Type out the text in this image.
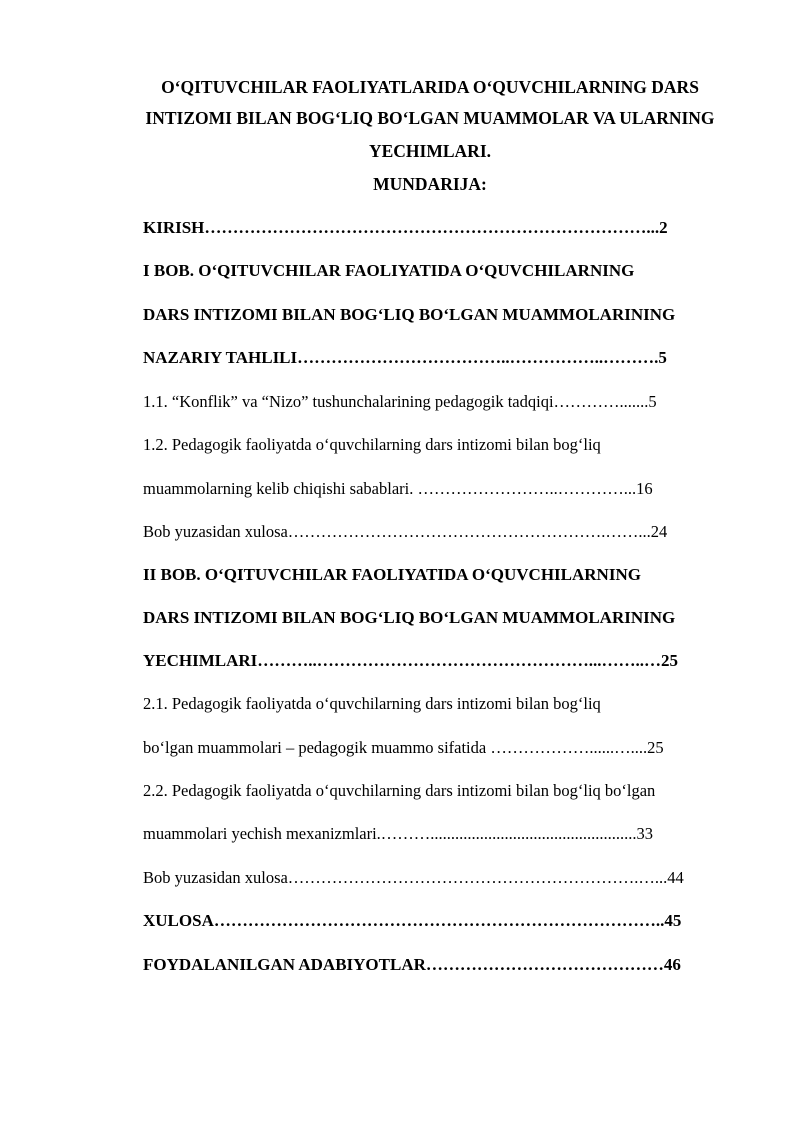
O‘QITUVCHILAR FAOLIYATLARIDA O‘QUVCHILARNING DARS
INTIZOMI BILAN BOG‘LIQ BO‘LGAN MUAMMOLAR VA ULARNING
YECHIMLARI.
MUNDARIJA:
KIRISH……………………………………………………………………...2
I BOB. O‘QITUVCHILAR FAOLIYATIDA O‘QUVCHILARNING
DARS INTIZOMI BILAN BOG‘LIQ BO‘LGAN MUAMMOLARINING
NAZARIY TAHLILI………………………………..……………..……….5
1.1. “Konflik” va “Nizo” tushunchalarining pedagogik tadqiqi………….......5
1.2. Pedagogik faoliyatda o‘quvchilarning dars intizomi bilan bog‘liq
muammolarning kelib chiqishi sabablari. ……………………..…………...16
Bob yuzasidan xulosa………………………………………………….……...24
II BOB. O‘QITUVCHILAR FAOLIYATIDA O‘QUVCHILARNING
DARS INTIZOMI BILAN BOG‘LIQ BO‘LGAN MUAMMOLARINING
YECHIMLARI………..…………………………………………...……..…25
2.1. Pedagogik faoliyatda o‘quvchilarning dars intizomi bilan bog‘liq
bo‘lgan muammolari – pedagogik muammo sifatida ………………......…....25
2.2. Pedagogik faoliyatda o‘quvchilarning dars intizomi bilan bog‘liq bo‘lgan
muammolari yechish mexanizmlari.………..................................................33
Bob yuzasidan xulosa……………………………………………………….…...44
XULOSA……………………………………………………………………..45
FOYDALANILGAN ADABIYOTLAR……………………………………46
